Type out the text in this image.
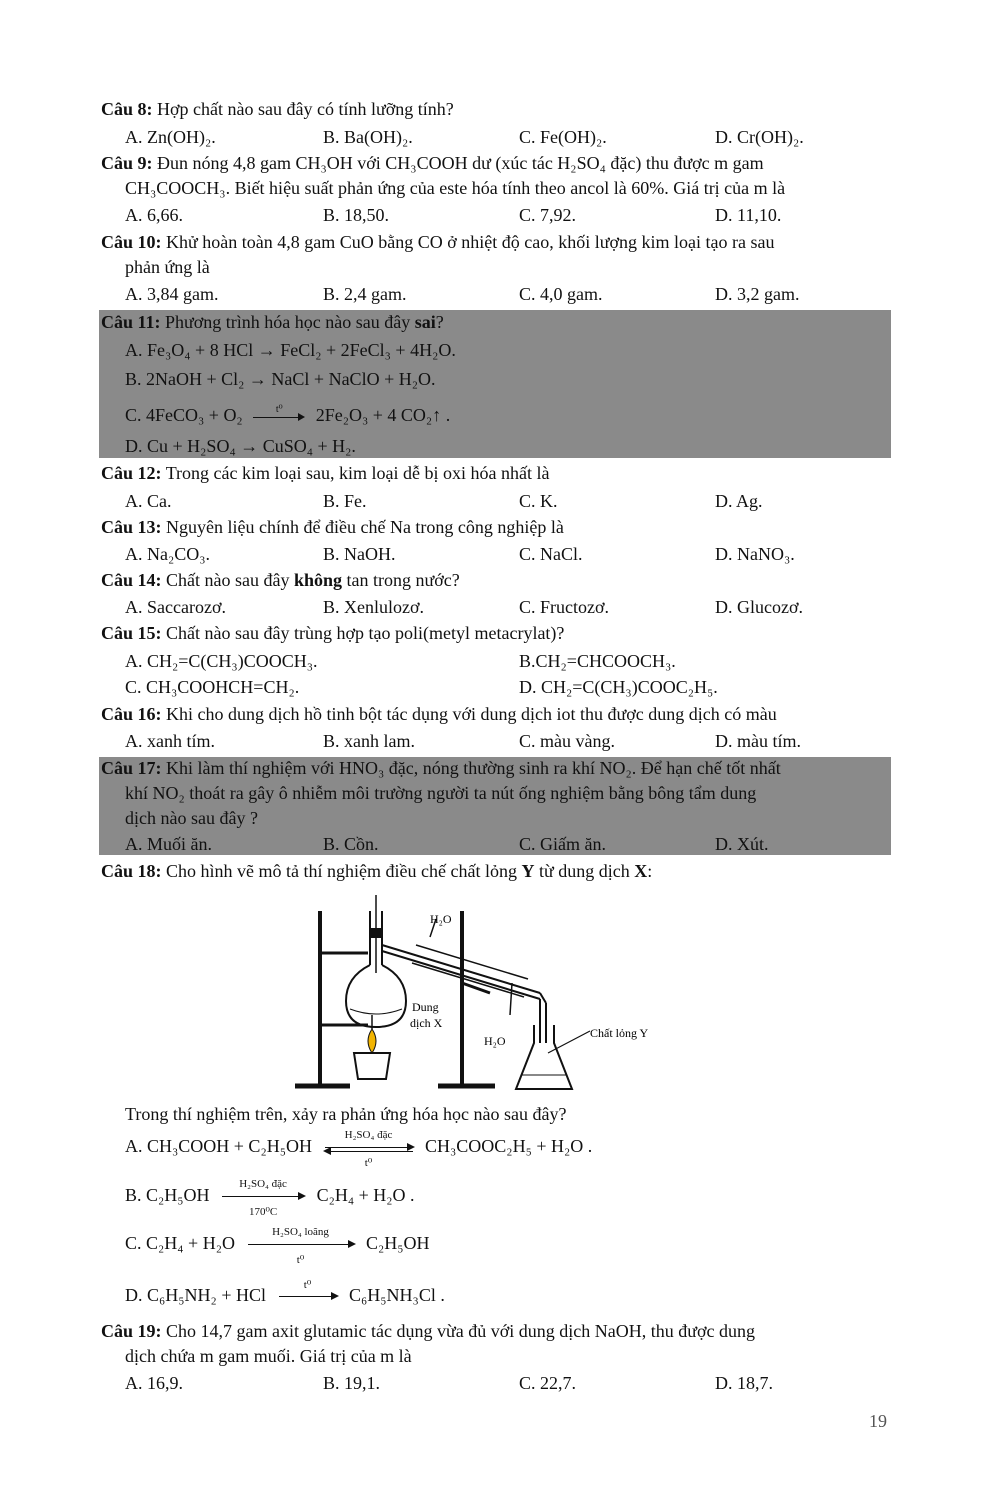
Câu 8: Hợp chất nào sau đây có tính lưỡng tính?
A. Zn(OH)₂.	B. Ba(OH)₂.	C. Fe(OH)₂.	D. Cr(OH)₂.
Câu 9: Đun nóng 4,8 gam CH₃OH với CH₃COOH dư (xúc tác H₂SO₄ đặc) thu được m gam
CH₃COOCH₃. Biết hiệu suất phản ứng của este hóa tính theo ancol là 60%. Giá trị của m là
A. 6,66.	B. 18,50.	C. 7,92.	D. 11,10.
Câu 10: Khử hoàn toàn 4,8 gam CuO bằng CO ở nhiệt độ cao, khối lượng kim loại tạo ra sau
phản ứng là
A. 3,84 gam.	B. 2,4 gam.	C. 4,0 gam.	D. 3,2 gam.
Câu 11: Phương trình hóa học nào sau đây sai?
A. Fe₃O₄ + 8 HCl → FeCl₂ + 2FeCl₃ + 4H₂O.
B. 2NaOH + Cl₂ → NaCl + NaClO + H₂O.
C. 4FeCO₃ + O₂	t⁰	2Fe₂O₃ + 4 CO₂↑ .
D. Cu + H₂SO₄ → CuSO₄ + H₂.
Câu 12: Trong các kim loại sau, kim loại dễ bị oxi hóa nhất là
A. Ca.	B. Fe.	C. K.	D. Ag.
Câu 13: Nguyên liệu chính để điều chế Na trong công nghiệp là
A. Na₂CO₃.	B. NaOH.	C. NaCl.	D. NaNO₃.
Câu 14: Chất nào sau đây không tan trong nước?
A. Saccarozơ.	B. Xenlulozơ.	C. Fructozơ.	D. Glucozơ.
Câu 15: Chất nào sau đây trùng hợp tạo poli(metyl metacrylat)?
A. CH₂=C(CH₃)COOCH₃.	B.CH₂=CHCOOCH₃.
C. CH₃COOHCH=CH₂.	D. CH₂=C(CH₃)COOC₂H₅.
Câu 16: Khi cho dung dịch hồ tinh bột tác dụng với dung dịch iot thu được dung dịch có màu
A. xanh tím.	B. xanh lam.	C. màu vàng.	D. màu tím.
Câu 17: Khi làm thí nghiệm với HNO₃ đặc, nóng thường sinh ra khí NO₂. Để hạn chế tốt nhất
khí NO₂ thoát ra gây ô nhiễm môi trường người ta nút ống nghiệm bằng bông tẩm dung
dịch nào sau đây ?
A. Muối ăn.	B. Cồn.	C. Giấm ăn.	D. Xút.
Câu 18: Cho hình vẽ mô tả thí nghiệm điều chế chất lỏng Y từ dung dịch X:
H₂O
Dung
dịch X
H₂O
Chất lỏng Y
Trong thí nghiệm trên, xảy ra phản ứng hóa học nào sau đây?
A. CH₃COOH + C₂H₅OH
H₂SO₄ đặc
t⁰
CH₃COOC₂H₅ + H₂O .
B. C₂H₅OH
H₂SO₄ đặc
170⁰C
C₂H₄ + H₂O .
C. C₂H₄ + H₂O
H₂SO₄ loãng
t⁰
C₂H₅OH
D. C₆H₅NH₂ + HCl
t⁰
C₆H₅NH₃Cl .
Câu 19: Cho 14,7 gam axit glutamic tác dụng vừa đủ với dung dịch NaOH, thu được dung
dịch chứa m gam muối. Giá trị của m là
A. 16,9.	B. 19,1.	C. 22,7.	D. 18,7.
19
